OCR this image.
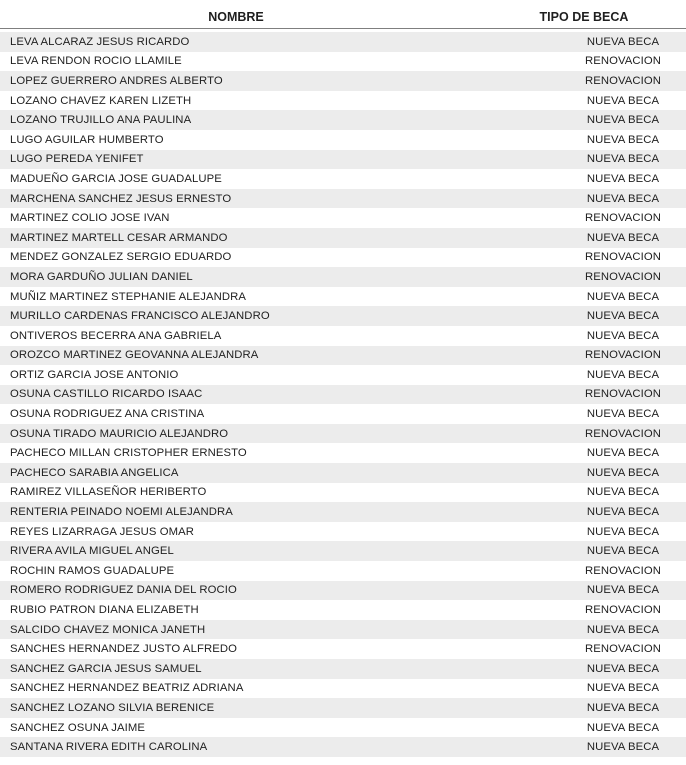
NOMBRE	TIPO DE BECA
LEVA ALCARAZ JESUS RICARDO	NUEVA BECA
LEVA RENDON ROCIO LLAMILE	RENOVACION
LOPEZ GUERRERO ANDRES ALBERTO	RENOVACION
LOZANO CHAVEZ KAREN LIZETH	NUEVA BECA
LOZANO TRUJILLO ANA PAULINA	NUEVA BECA
LUGO AGUILAR HUMBERTO	NUEVA BECA
LUGO PEREDA YENIFET	NUEVA BECA
MADUEÑO GARCIA JOSE GUADALUPE	NUEVA BECA
MARCHENA SANCHEZ JESUS ERNESTO	NUEVA BECA
MARTINEZ COLIO JOSE IVAN	RENOVACION
MARTINEZ MARTELL CESAR ARMANDO	NUEVA BECA
MENDEZ GONZALEZ SERGIO EDUARDO	RENOVACION
MORA GARDUÑO JULIAN DANIEL	RENOVACION
MUÑIZ MARTINEZ STEPHANIE ALEJANDRA	NUEVA BECA
MURILLO CARDENAS FRANCISCO ALEJANDRO	NUEVA BECA
ONTIVEROS BECERRA ANA GABRIELA	NUEVA BECA
OROZCO MARTINEZ GEOVANNA ALEJANDRA	RENOVACION
ORTIZ GARCIA JOSE ANTONIO	NUEVA BECA
OSUNA CASTILLO RICARDO ISAAC	RENOVACION
OSUNA RODRIGUEZ ANA CRISTINA	NUEVA BECA
OSUNA TIRADO MAURICIO ALEJANDRO	RENOVACION
PACHECO MILLAN CRISTOPHER ERNESTO	NUEVA BECA
PACHECO SARABIA ANGELICA	NUEVA BECA
RAMIREZ VILLASEÑOR HERIBERTO	NUEVA BECA
RENTERIA PEINADO NOEMI ALEJANDRA	NUEVA BECA
REYES LIZARRAGA JESUS OMAR	NUEVA BECA
RIVERA AVILA MIGUEL ANGEL	NUEVA BECA
ROCHIN RAMOS GUADALUPE	RENOVACION
ROMERO RODRIGUEZ DANIA DEL ROCIO	NUEVA BECA
RUBIO PATRON DIANA ELIZABETH	RENOVACION
SALCIDO CHAVEZ MONICA JANETH	NUEVA BECA
SANCHES HERNANDEZ JUSTO ALFREDO	RENOVACION
SANCHEZ GARCIA JESUS SAMUEL	NUEVA BECA
SANCHEZ HERNANDEZ BEATRIZ ADRIANA	NUEVA BECA
SANCHEZ LOZANO SILVIA BERENICE	NUEVA BECA
SANCHEZ OSUNA JAIME	NUEVA BECA
SANTANA RIVERA EDITH CAROLINA	NUEVA BECA
